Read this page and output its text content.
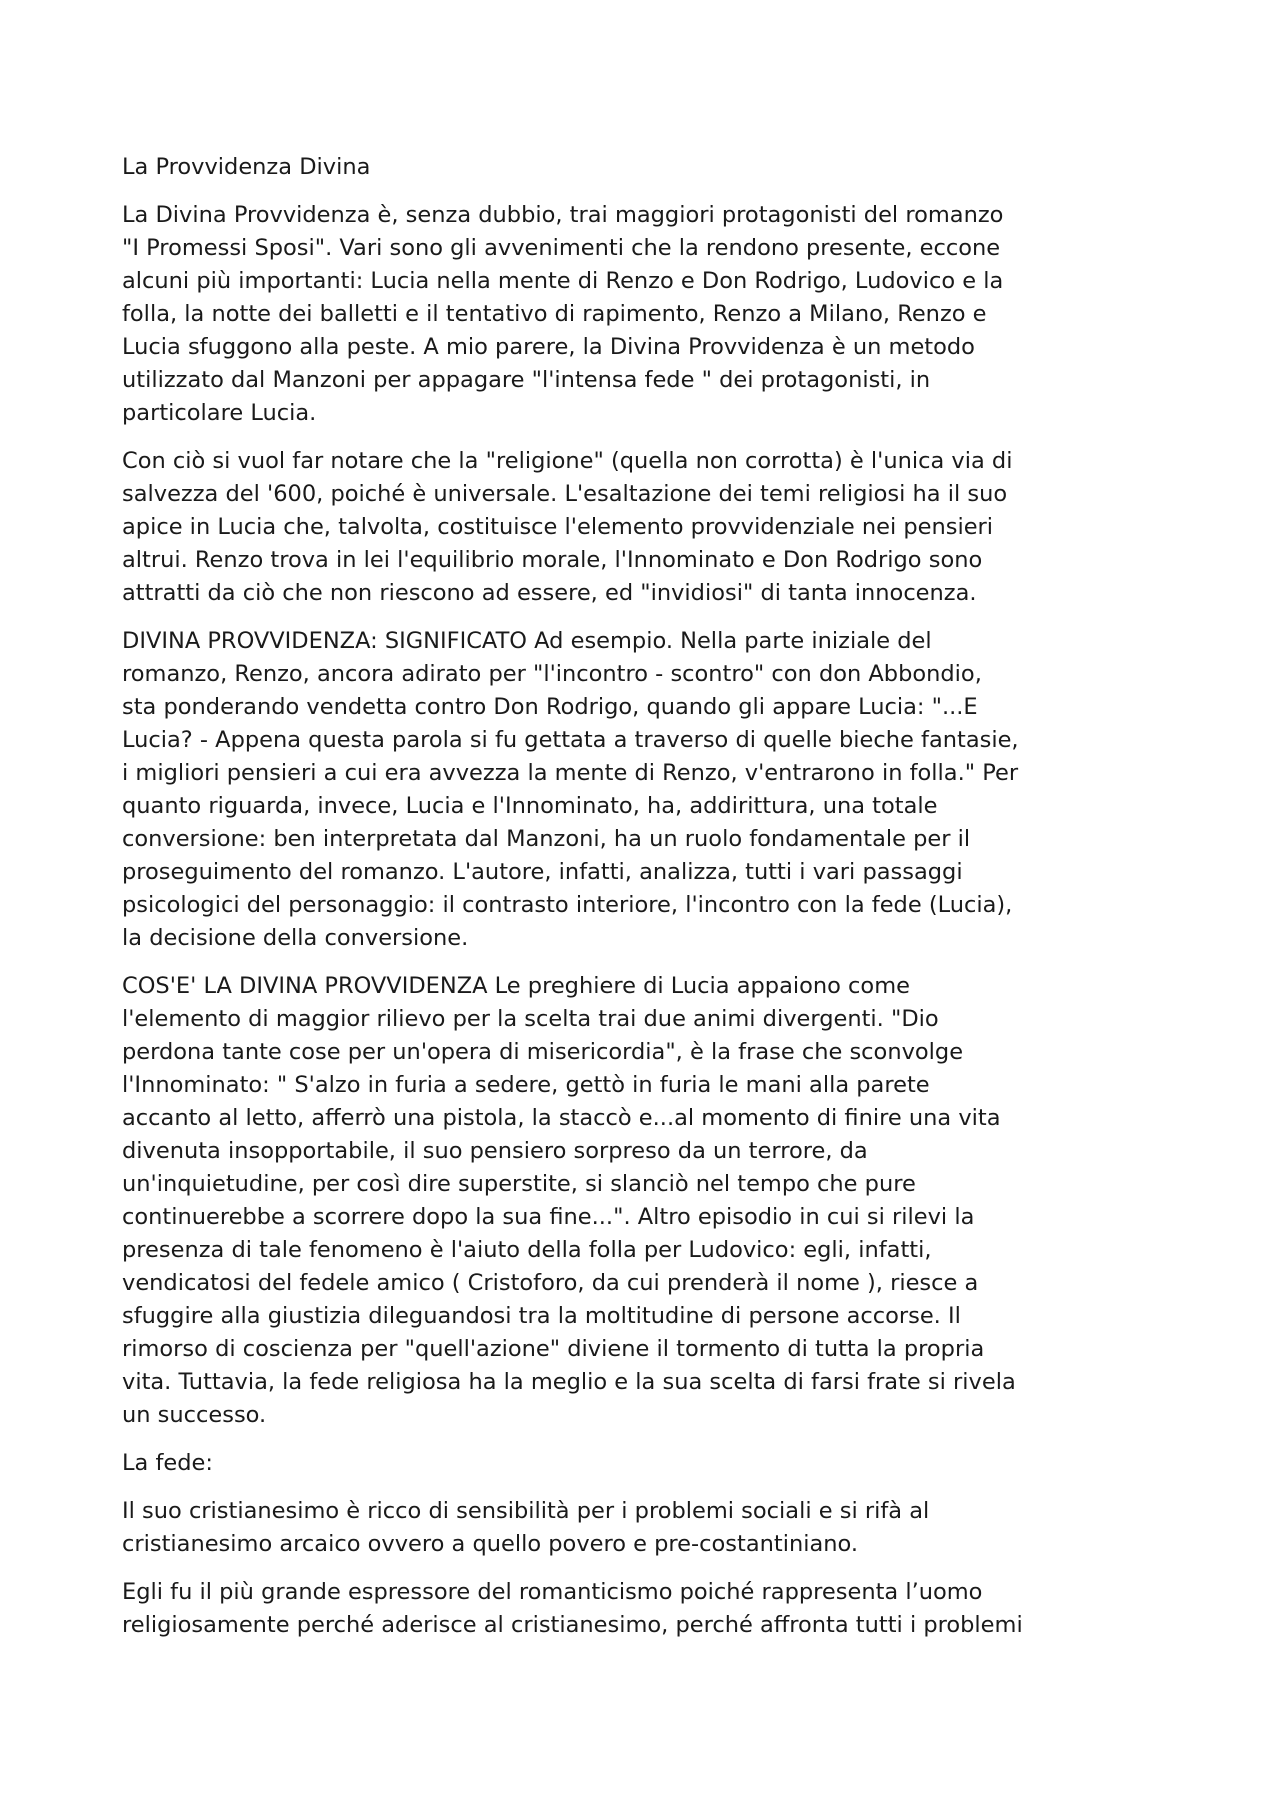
La Provvidenza Divina

La Divina Provvidenza è, senza dubbio, trai maggiori protagonisti del romanzo
"I Promessi Sposi". Vari sono gli avvenimenti che la rendono presente, eccone
alcuni più importanti: Lucia nella mente di Renzo e Don Rodrigo, Ludovico e la
folla, la notte dei balletti e il tentativo di rapimento, Renzo a Milano, Renzo e
Lucia sfuggono alla peste. A mio parere, la Divina Provvidenza è un metodo
utilizzato dal Manzoni per appagare "l'intensa fede " dei protagonisti, in
particolare Lucia.

Con ciò si vuol far notare che la "religione" (quella non corrotta) è l'unica via di
salvezza del '600, poiché è universale. L'esaltazione dei temi religiosi ha il suo
apice in Lucia che, talvolta, costituisce l'elemento provvidenziale nei pensieri
altrui. Renzo trova in lei l'equilibrio morale, l'Innominato e Don Rodrigo sono
attratti da ciò che non riescono ad essere, ed "invidiosi" di tanta innocenza.

DIVINA PROVVIDENZA: SIGNIFICATO Ad esempio. Nella parte iniziale del
romanzo, Renzo, ancora adirato per "l'incontro - scontro" con don Abbondio,
sta ponderando vendetta contro Don Rodrigo, quando gli appare Lucia: "...E
Lucia? - Appena questa parola si fu gettata a traverso di quelle bieche fantasie,
i migliori pensieri a cui era avvezza la mente di Renzo, v'entrarono in folla." Per
quanto riguarda, invece, Lucia e l'Innominato, ha, addirittura, una totale
conversione: ben interpretata dal Manzoni, ha un ruolo fondamentale per il
proseguimento del romanzo. L'autore, infatti, analizza, tutti i vari passaggi
psicologici del personaggio: il contrasto interiore, l'incontro con la fede (Lucia),
la decisione della conversione.

COS'E' LA DIVINA PROVVIDENZA Le preghiere di Lucia appaiono come
l'elemento di maggior rilievo per la scelta trai due animi divergenti. "Dio
perdona tante cose per un'opera di misericordia", è la frase che sconvolge
l'Innominato: " S'alzo in furia a sedere, gettò in furia le mani alla parete
accanto al letto, afferrò una pistola, la staccò e...al momento di finire una vita
divenuta insopportabile, il suo pensiero sorpreso da un terrore, da
un'inquietudine, per così dire superstite, si slanciò nel tempo che pure
continuerebbe a scorrere dopo la sua fine...". Altro episodio in cui si rilevi la
presenza di tale fenomeno è l'aiuto della folla per Ludovico: egli, infatti,
vendicatosi del fedele amico ( Cristoforo, da cui prenderà il nome ), riesce a
sfuggire alla giustizia dileguandosi tra la moltitudine di persone accorse. Il
rimorso di coscienza per "quell'azione" diviene il tormento di tutta la propria
vita. Tuttavia, la fede religiosa ha la meglio e la sua scelta di farsi frate si rivela
un successo.

La fede:

Il suo cristianesimo è ricco di sensibilità per i problemi sociali e si rifà al
cristianesimo arcaico ovvero a quello povero e pre-costantiniano.

Egli fu il più grande espressore del romanticismo poiché rappresenta l’uomo
religiosamente perché aderisce al cristianesimo, perché affronta tutti i problemi
